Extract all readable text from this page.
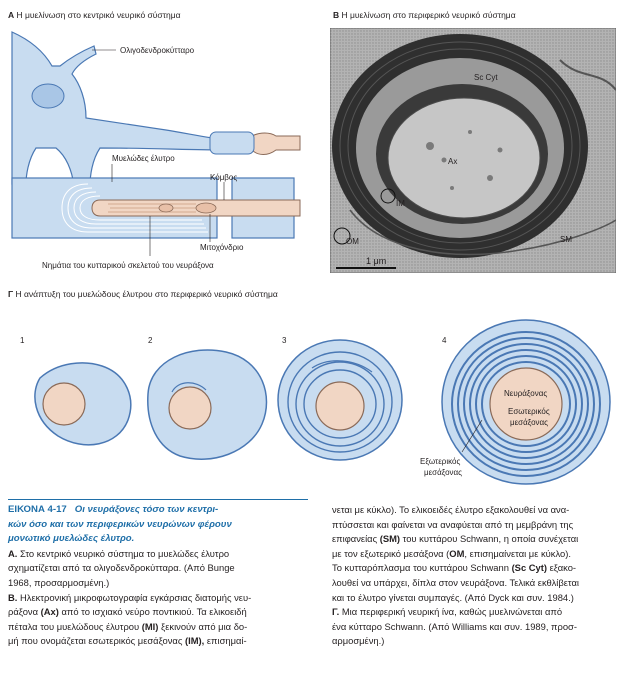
A Η μυελίνωση στο κεντρικό νευρικό σύστημα	B Η μυελίνωση στο περιφερικό νευρικό σύστημα
Γ Η ανάπτυξη του μυελώδους έλυτρου στο περιφερικό νευρικό σύστημα
Ολιγοδενδροκύτταρο
Μυελώδες έλυτρο
Κόμβος
Μιτοχόνδριο
Νημάτια του κυτταρικού σκελετού του νευράξονα
Sc Cyt
Ax
IM
OM	SM
1 μm
1	2	3	4
Νευράξονας
Εσωτερικός
μεσάξονας
Εξωτερικός
μεσάξονας

ΕΙΚΟΝΑ 4-17   Οι νευράξονες τόσο των κεντρι-

κών όσο και των περιφερικών νευρώνων φέρουν

μονωτικό μυελώδες έλυτρο.

A. Στο κεντρικό νευρικό σύστημα το μυελώδες έλυτρο

σχηματίζεται από τα ολιγοδενδροκύτταρα. (Από Bunge

1968, προσαρμοσμένη.)

B. Ηλεκτρονική μικροφωτογραφία εγκάρσιας διατομής νευ-

ράξονα (Ax) από το ισχιακό νεύρο ποντικιού. Τα ελικοειδή

πέταλα του μυελώδους έλυτρου (MI) ξεκινούν από μια δο-

μή που ονομάζεται εσωτερικός μεσάξονας (IM), επισημαί-

νεται με κύκλο). Το ελικοειδές έλυτρο εξακολουθεί να ανα-

πτύσσεται και φαίνεται να αναφύεται από τη μεμβράνη της

επιφανείας (SM) του κυττάρου Schwann, η οποία συνέχεται

με τον εξωτερικό μεσάξονα (OM, επισημαίνεται με κύκλο).

Το κυτταρόπλασμα του κυττάρου Schwann (Sc Cyt) εξακο-

λουθεί να υπάρχει, δίπλα στον νευράξονα. Τελικά εκθλίβεται

και το έλυτρο γίνεται συμπαγές. (Από Dyck και συν. 1984.)

Γ. Μια περιφερική νευρική ίνα, καθώς μυελινώνεται από

ένα κύτταρο Schwann. (Από Williams και συν. 1989, προσ-

αρμοσμένη.)
